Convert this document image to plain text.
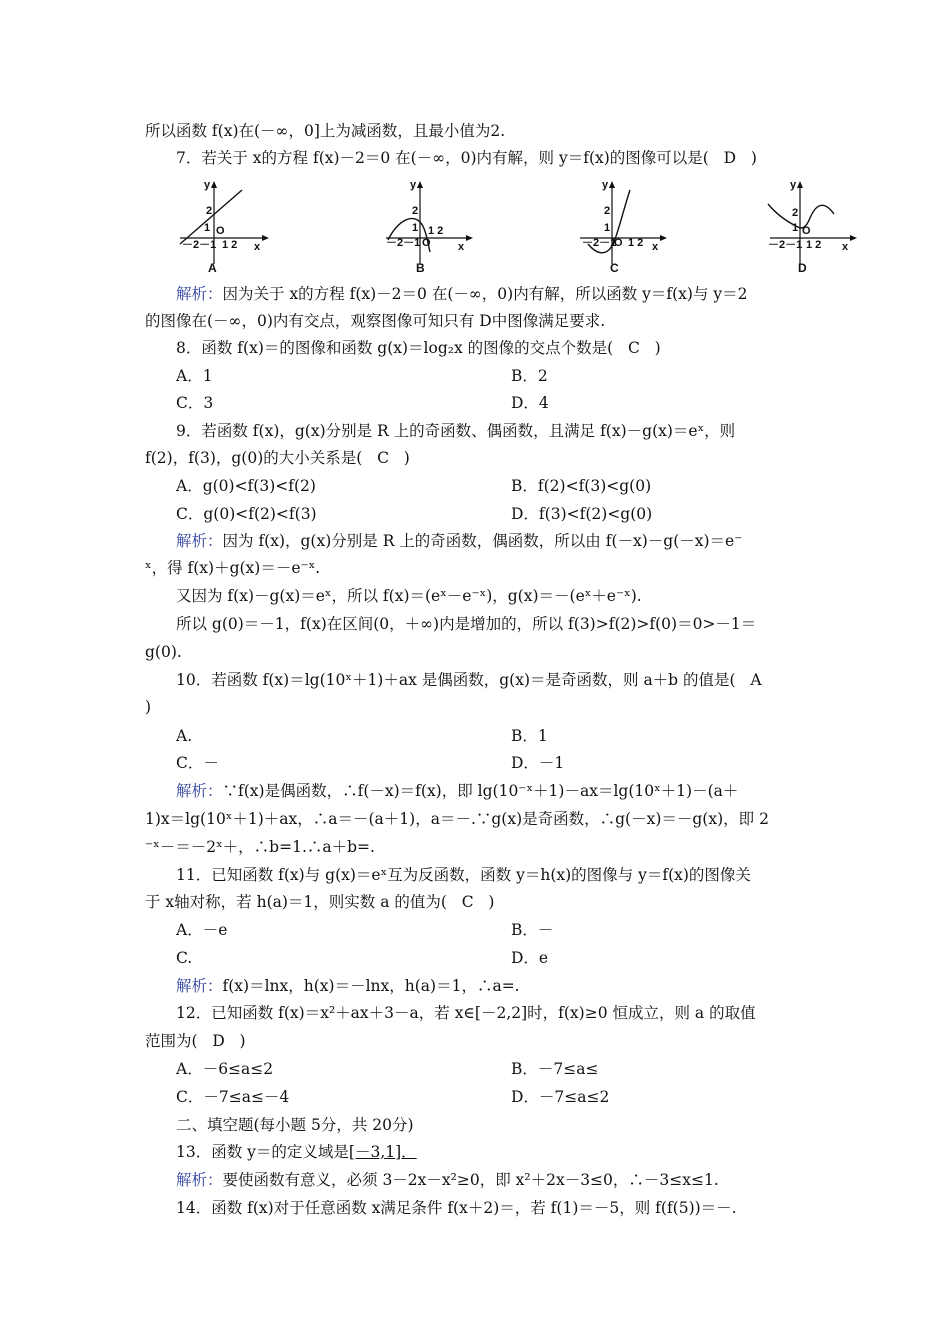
所以函数 f(x)在(－∞，0]上为减函数，且最小值为2.
7．若关于 x的方程 f(x)－2＝0 在(－∞，0)内有解，则 y＝f(x)的图像可以是(   D   )
y
x
2
1 O
－2－1 1 2
A
y
x
2
1
O
－2－1
1 2
B
y
x
2
1
O
－2－1 1 2
C
y
x
2
1 O
－2－1 1 2
D
解析：因为关于 x的方程 f(x)－2＝0 在(－∞，0)内有解，所以函数 y＝f(x)与 y＝2
的图像在(－∞，0)内有交点，观察图像可知只有 D中图像满足要求.
8．函数 f(x)＝的图像和函数 g(x)＝log₂x 的图像的交点个数是(   C   )
A．1	B．2
C．3	D．4
9．若函数 f(x)，g(x)分别是 R 上的奇函数、偶函数，且满足 f(x)－g(x)＝eˣ，则
f(2)，f(3)，g(0)的大小关系是(   C   )
A．g(0)<f(3)<f(2)	B．f(2)<f(3)<g(0)
C．g(0)<f(2)<f(3)	D．f(3)<f(2)<g(0)
解析：因为 f(x)，g(x)分别是 R 上的奇函数，偶函数，所以由 f(－x)－g(－x)＝e⁻
ˣ，得 f(x)＋g(x)＝－e⁻ˣ.
又因为 f(x)－g(x)＝eˣ，所以 f(x)＝(eˣ－e⁻ˣ)，g(x)＝－(eˣ＋e⁻ˣ).
所以 g(0)＝－1，f(x)在区间(0，＋∞)内是增加的，所以 f(3)>f(2)>f(0)＝0>－1＝
g(0).
10．若函数 f(x)＝lg(10ˣ＋1)＋ax 是偶函数，g(x)＝是奇函数，则 a＋b 的值是(   A
)
A.	B．1
C．－	D．－1
解析：∵f(x)是偶函数，∴f(－x)＝f(x)，即 lg(10⁻ˣ＋1)－ax＝lg(10ˣ＋1)－(a＋
1)x＝lg(10ˣ＋1)＋ax，∴a＝－(a＋1)，a＝－.∵g(x)是奇函数，∴g(－x)＝－g(x)，即 2
⁻ˣ－＝－2ˣ＋，∴b=1.∴a＋b=.
11．已知函数 f(x)与 g(x)＝eˣ互为反函数，函数 y＝h(x)的图像与 y＝f(x)的图像关
于 x轴对称，若 h(a)＝1，则实数 a 的值为(   C   )
A．－e	B．－
C.	D．e
解析：f(x)＝lnx，h(x)＝－lnx，h(a)＝1，∴a=.
12．已知函数 f(x)＝x²＋ax＋3－a，若 x∈[－2,2]时，f(x)≥0 恒成立，则 a 的取值
范围为(   D   )
A．－6≤a≤2	B．－7≤a≤
C．－7≤a≤－4	D．－7≤a≤2
二、填空题(每小题 5分，共 20分)
13．函数 y＝的定义域是[－3,1]．
解析：要使函数有意义，必须 3－2x－x²≥0，即 x²＋2x－3≤0，∴－3≤x≤1.
14．函数 f(x)对于任意函数 x满足条件 f(x＋2)＝，若 f(1)＝－5，则 f(f(5))＝－.
